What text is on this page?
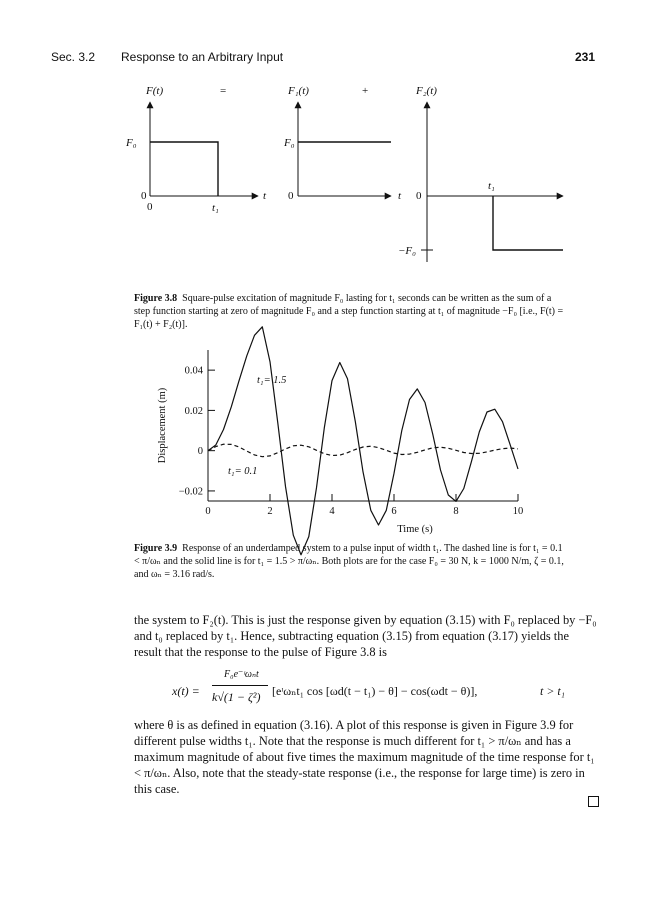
Sec. 3.2 Response to an Arbitrary Input	231
F(t)	=	F₁(t)	+	F₂(t)
F₀	F₀
0
0	t₁
t 0	t 0
t₁
−F₀
Figure 3.8 Square-pulse excitation of magnitude F₀ lasting for t₁ seconds can be written as the sum of a step function starting at zero of magnitude F₀ and a step function starting at t₁ of magnitude −F₀ [i.e., F(t) = F₁(t) + F₂(t)].
0.04
0.02
0
−0.02
0	2	4	6	8	10
Time (s)
Displacement (m)
t₁= 1.5
t₁= 0.1
Figure 3.9 Response of an underdamped system to a pulse input of width t₁. The dashed line is for t₁ = 0.1 < π/ωₙ and the solid line is for t₁ = 1.5 > π/ωₙ. Both plots are for the case F₀ = 30 N, k = 1000 N/m, ζ = 0.1, and ωₙ = 3.16 rad/s.
the system to F₂(t). This is just the response given by equation (3.15) with F₀ replaced by −F₀ and t₀ replaced by t₁. Hence, subtracting equation (3.15) from equation (3.17) yields the result that the response to the pulse of Figure 3.8 is
x(t) =
F₀e⁻ᶦωₙt
k√(1 − ζ²) [eᶦωₙt₁ cos [ωd(t − t₁) − θ] − cos(ωdt − θ)],	t > t₁
where θ is as defined in equation (3.16). A plot of this response is given in Figure 3.9 for different pulse widths t₁. Note that the response is much different for t₁ > π/ωₙ and has a maximum magnitude of about five times the maximum magnitude of the time response for t₁ < π/ωₙ. Also, note that the steady-state response (i.e., the response for large time) is zero in this case.
